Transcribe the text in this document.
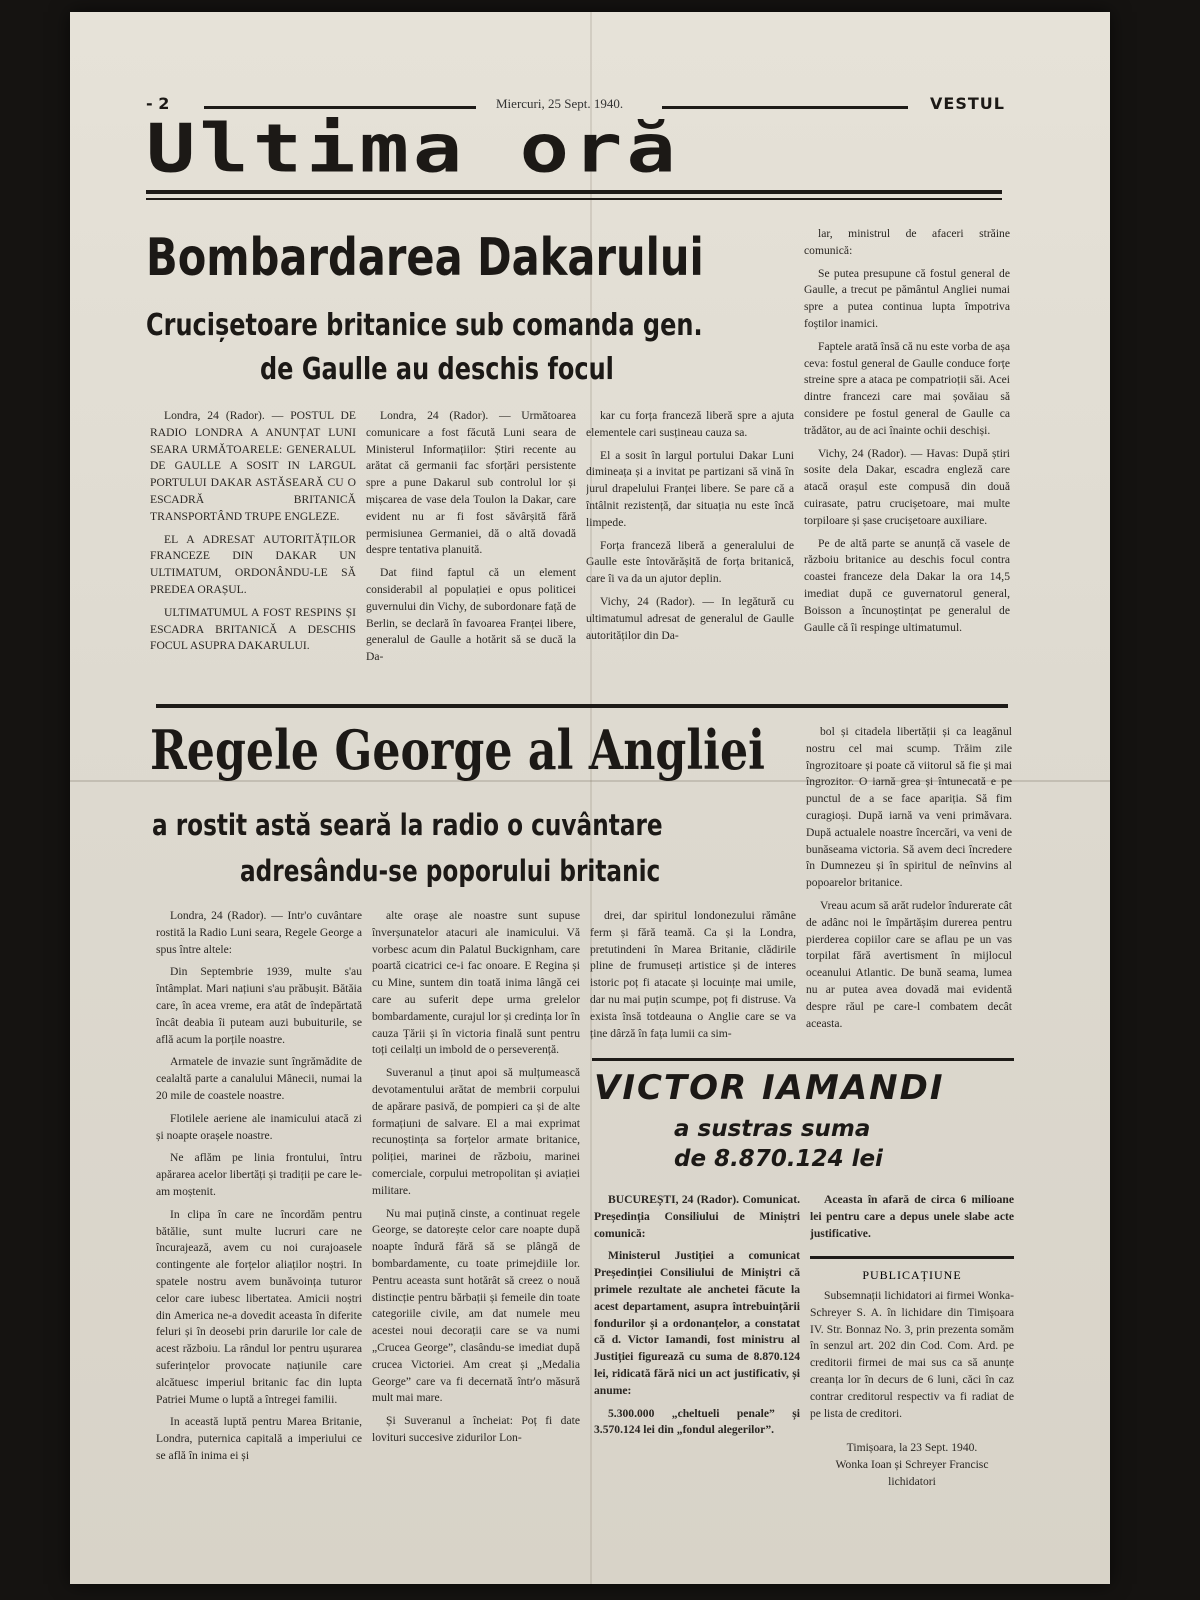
- 2	Miercuri, 25 Sept. 1940.	VESTUL
Ultima oră
Bombardarea Dakarului
Crucișetoare britanice sub comanda gen.
de Gaulle au deschis focul

Londra, 24 (Rador). — POSTUL DE RADIO LONDRA A ANUNȚAT LUNI SEARA URMĂTOARELE: GENERALUL DE GAULLE A SOSIT IN LARGUL PORTULUI DAKAR ASTĂSEARĂ CU O ESCADRĂ BRITANICĂ TRANSPORTÂND TRUPE ENGLEZE.

EL A ADRESAT AUTORITĂȚILOR FRANCEZE DIN DAKAR UN ULTIMATUM, ORDONÂNDU-LE SĂ PREDEA ORAȘUL.

ULTIMATUMUL A FOST RESPINS ȘI ESCADRA BRITANICĂ A DESCHIS FOCUL ASUPRA DAKARULUI.

Londra, 24 (Rador). — Următoarea comunicare a fost făcută Luni seara de Ministerul Informațiilor: Știri recente au arătat că germanii fac sforțări persistente spre a pune Dakarul sub controlul lor și mișcarea de vase dela Toulon la Dakar, care evident nu ar fi fost săvârșită fără permisiunea Germaniei, dă o altă dovadă despre tentativa planuită.

Dat fiind faptul că un element considerabil al populației e opus politicei guvernului din Vichy, de subordonare față de Berlin, se declară în favoarea Franței libere, generalul de Gaulle a hotărit să se ducă la Da-

kar cu forța franceză liberă spre a ajuta elementele cari susțineau cauza sa.

El a sosit în largul portului Dakar Luni dimineața și a invitat pe partizani să vină în jurul drapelului Franței libere. Se pare că a întâlnit rezistență, dar situația nu este încă limpede.

Forța franceză liberă a generalului de Gaulle este întovărășită de forța britanică, care îi va da un ajutor deplin.

Vichy, 24 (Rador). — In legătură cu ultimatumul adresat de generalul de Gaulle autorităților din Da-

lar, ministrul de afaceri străine comunică:

Se putea presupune că fostul general de Gaulle, a trecut pe pământul Angliei numai spre a putea continua lupta împotriva foștilor inamici.

Faptele arată însă că nu este vorba de așa ceva: fostul general de Gaulle conduce forțe streine spre a ataca pe compatrioții săi. Acei dintre francezi care mai șovăiau să considere pe fostul general de Gaulle ca trădător, au de aci înainte ochii deschiși.

Vichy, 24 (Rador). — Havas: După știri sosite dela Dakar, escadra engleză care atacă orașul este compusă din două cuirasate, patru crucișetoare, mai multe torpiloare și șase crucișetoare auxiliare.

Pe de altă parte se anunță că vasele de războiu britanice au deschis focul contra coastei franceze dela Dakar la ora 14,5 imediat după ce guvernatorul general, Boisson a încunoștințat pe generalul de Gaulle că îi respinge ultimatumul.

Regele George al Angliei
a rostit astă seară la radio o cuvântare
adresându-se poporului britanic

Londra, 24 (Rador). — Intr'o cuvântare rostită la Radio Luni seara, Regele George a spus între altele:

Din Septembrie 1939, multe s'au întâmplat. Mari națiuni s'au prăbușit. Bătăia care, în acea vreme, era atât de îndepărtată încât deabia îi puteam auzi bubuiturile, se află acum la porțile noastre.

Armatele de invazie sunt îngrămădite de cealaltă parte a canalului Mânecii, numai la 20 mile de coastele noastre.

Flotilele aeriene ale inamicului atacă zi și noapte orașele noastre.

Ne aflăm pe linia frontului, întru apărarea acelor libertăți și tradiții pe care le-am moștenit.

In clipa în care ne încordăm pentru bătălie, sunt multe lucruri care ne încurajează, avem cu noi curajoasele contingente ale forțelor aliaților noștri. In spatele nostru avem bunăvoința tuturor celor care iubesc libertatea. Amicii noștri din America ne-a dovedit aceasta în diferite feluri și în deosebi prin darurile lor cale de acest războiu. La rândul lor pentru ușurarea suferințelor provocate națiunile care alcătuesc imperiul britanic fac din lupta Patriei Mume o luptă a întregei familii.

In această luptă pentru Marea Britanie, Londra, puternica capitală a imperiului ce se află în inima ei și

alte orașe ale noastre sunt supuse înverșunatelor atacuri ale inamicului. Vă vorbesc acum din Palatul Buckignham, care poartă cicatrici ce-i fac onoare. E Regina și cu Mine, suntem din toată inima lângă cei care au suferit depe urma grelelor bombardamente, curajul lor și credința lor în cauza Țării și în victoria finală sunt pentru toți ceilalți un imbold de o perseverență.

Suveranul a ținut apoi să mulțumească devotamentului arătat de membrii corpului de apărare pasivă, de pompieri ca și de alte formațiuni de salvare. El a mai exprimat recunoștința sa forțelor armate britanice, poliției, marinei de războiu, marinei comerciale, corpului metropolitan și aviației militare.

Nu mai puțină cinste, a continuat regele George, se datorește celor care noapte după noapte îndură fără să se plângă de bombardamente, cu toate primejdiile lor. Pentru aceasta sunt hotărât să creez o nouă distincție pentru bărbații și femeile din toate categoriile civile, am dat numele meu acestei noui decorații care se va numi „Crucea George”, clasându-se imediat după crucea Victoriei. Am creat și „Medalia George” care va fi decernată într'o măsură mult mai mare.

Și Suveranul a încheiat: Poț fi date lovituri succesive zidurilor Lon-

drei, dar spiritul londonezului rămâne ferm și fără teamă. Ca și la Londra, pretutindeni în Marea Britanie, clădirile pline de frumuseți artistice și de interes istoric poț fi atacate și locuințe mai umile, dar nu mai puțin scumpe, poț fi distruse. Va exista însă totdeauna o Anglie care se va ține dârză în fața lumii ca sim-

bol și citadela libertății și ca leagănul nostru cel mai scump. Trăim zile îngrozitoare și poate că viitorul să fie și mai îngrozitor. O iarnă grea și întunecată e pe punctul de a se face apariția. Să fim curagioși. După iarnă va veni primăvara. După actualele noastre încercări, va veni de bunăseama victoria. Să avem deci încredere în Dumnezeu și în spiritul de neînvins al popoarelor britanice.

Vreau acum să arăt rudelor îndurerate cât de adânc noi le împărtășim durerea pentru pierderea copiilor care se aflau pe un vas torpilat fără avertisment în mijlocul oceanului Atlantic. De bună seama, lumea nu ar putea avea dovadă mai evidentă despre răul pe care-l combatem decât aceasta.

VICTOR IAMANDI
a sustras suma
de 8.870.124 lei

BUCUREȘTI, 24 (Rador). Comunicat. Președinția Consiliului de Miniștri comunică:

Ministerul Justiției a comunicat Președinției Consiliului de Miniștri că primele rezultate ale anchetei făcute la acest departament, asupra întrebuințării fondurilor și a ordonanțelor, a constatat că d. Victor Iamandi, fost ministru al Justiției figurează cu suma de 8.870.124 lei, ridicată fără nici un act justificativ, și anume:

5.300.000 „cheltueli penale” și 3.570.124 lei din „fondul alegerilor”.

Aceasta în afară de circa 6 milioane lei pentru care a depus unele slabe acte justificative.

PUBLICAȚIUNE

Subsemnații lichidatori ai firmei Wonka-Schreyer S. A. în lichidare din Timișoara IV. Str. Bonnaz No. 3, prin prezenta somăm în senzul art. 202 din Cod. Com. Ard. pe creditorii firmei de mai sus ca să anunțe creanța lor în decurs de 6 luni, căci în caz contrar creditorul respectiv va fi radiat de pe lista de creditori.

Timișoara, la 23 Sept. 1940.
Wonka Ioan și Schreyer Francisc
lichidatori
